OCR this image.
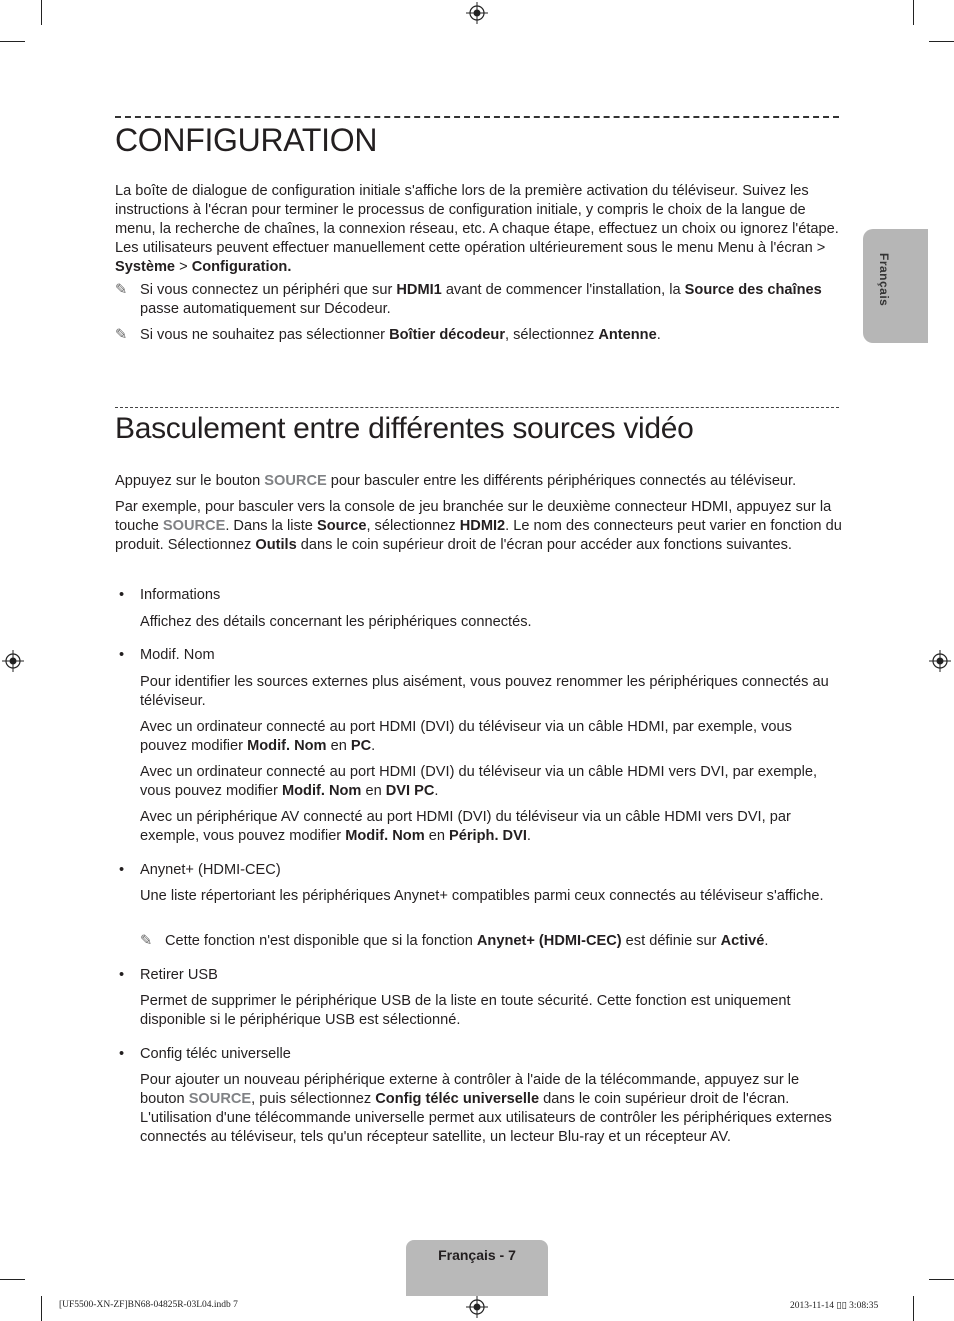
Français
CONFIGURATION

La boîte de dialogue de configuration initiale s'affiche lors de la première activation du téléviseur. Suivez les instructions à l'écran pour terminer le processus de configuration initiale, y compris le choix de la langue de menu, la recherche de chaînes, la connexion réseau, etc. A chaque étape, effectuez un choix ou ignorez l'étape. Les utilisateurs peuvent effectuer manuellement cette opération ultérieurement sous le menu Menu à l'écran > Système > Configuration.

✎ Si vous connectez un périphéri que sur HDMI1 avant de commencer l'installation, la Source des chaînes passe automatiquement sur Décodeur.
✎ Si vous ne souhaitez pas sélectionner Boîtier décodeur, sélectionnez Antenne.
Basculement entre différentes sources vidéo

Appuyez sur le bouton SOURCE pour basculer entre les différents périphériques connectés au téléviseur.

Par exemple, pour basculer vers la console de jeu branchée sur le deuxième connecteur HDMI, appuyez sur la touche SOURCE. Dans la liste Source, sélectionnez HDMI2. Le nom des connecteurs peut varier en fonction du produit. Sélectionnez Outils dans le coin supérieur droit de l'écran pour accéder aux fonctions suivantes.

• Informations

Affichez des détails concernant les périphériques connectés.

• Modif. Nom

Pour identifier les sources externes plus aisément, vous pouvez renommer les périphériques connectés au téléviseur.

Avec un ordinateur connecté au port HDMI (DVI) du téléviseur via un câble HDMI, par exemple, vous pouvez modifier Modif. Nom en PC.

Avec un ordinateur connecté au port HDMI (DVI) du téléviseur via un câble HDMI vers DVI, par exemple, vous pouvez modifier Modif. Nom en DVI PC.

Avec un périphérique AV connecté au port HDMI (DVI) du téléviseur via un câble HDMI vers DVI, par exemple, vous pouvez modifier Modif. Nom en Périph. DVI.

• Anynet+ (HDMI-CEC)

Une liste répertoriant les périphériques Anynet+ compatibles parmi ceux connectés au téléviseur s'affiche.

✎ Cette fonction n'est disponible que si la fonction Anynet+ (HDMI-CEC) est définie sur Activé.
• Retirer USB

Permet de supprimer le périphérique USB de la liste en toute sécurité. Cette fonction est uniquement disponible si le périphérique USB est sélectionné.

• Config téléc universelle

Pour ajouter un nouveau périphérique externe à contrôler à l'aide de la télécommande, appuyez sur le bouton SOURCE, puis sélectionnez Config téléc universelle dans le coin supérieur droit de l'écran. L'utilisation d'une télécommande universelle permet aux utilisateurs de contrôler les périphériques externes connectés au téléviseur, tels qu'un récepteur satellite, un lecteur Blu-ray et un récepteur AV.

Français - 7
[UF5500-XN-ZF]BN68-04825R-03L04.indb 7	2013-11-14 ▯▯ 3:08:35
